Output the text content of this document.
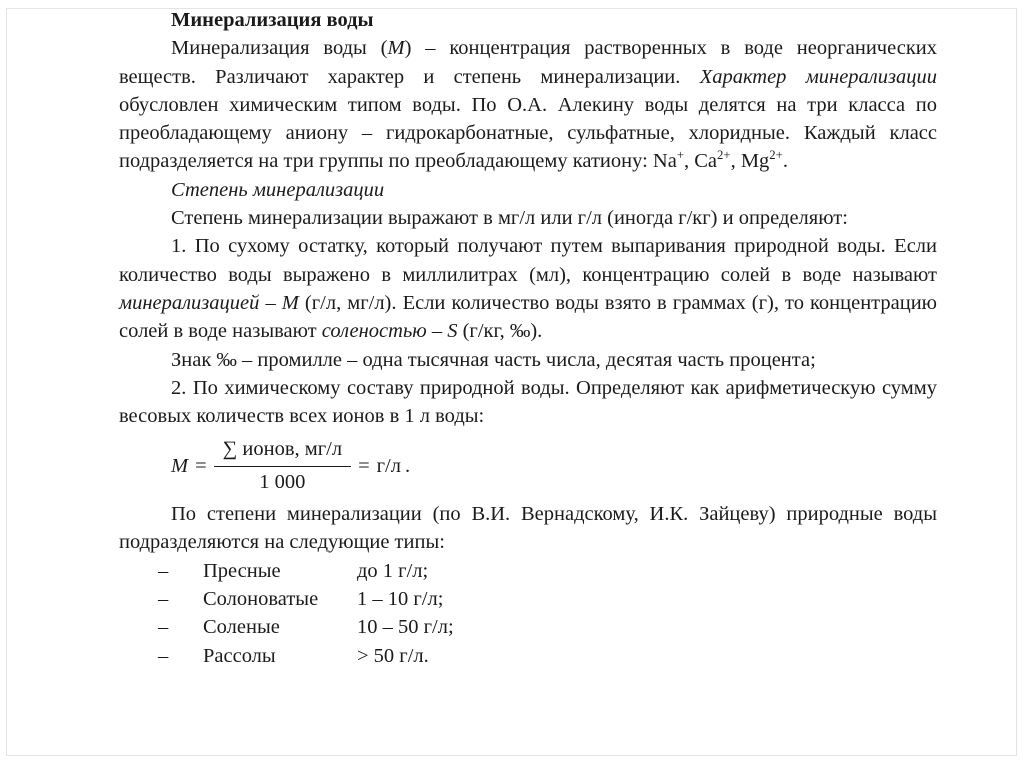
Минерализация воды

Минерализация воды (М) – концентрация растворенных в воде неорганических веществ. Различают характер и степень минерализации. Характер минерализации обусловлен химическим типом воды. По О.А. Алекину воды делятся на три класса по преобладающему аниону – гидрокарбонатные, сульфатные, хлоридные. Каждый класс подразделяется на три группы по преобладающему катиону: Na+, $Ca^{2+}$, $Mg^{2+}$.

Степень минерализации

Степень минерализации выражают в мг/л или г/л (иногда г/кг) и определяют:

1. По сухому остатку, который получают путем выпаривания природной воды. Если количество воды выражено в миллилитрах (мл), концентрацию солей в воде называют минерализацией – М (г/л, мг/л). Если количество воды взято в граммах (г), то концентрацию солей в воде называют соленостью – S (г/кг, ‰).

Знак ‰ – промилле – одна тысячная часть числа, десятая часть процента;

2. По химическому составу природной воды. Определяют как арифметическую сумму весовых количеств всех ионов в 1 л воды:

$M = \frac{\text{∑ ионов, мг/л}}{1 000} = г/л$ .

По степени минерализации (по В.И. Вернадскому, И.К. Зайцеву) природные воды подразделяются на следующие типы:

–	Пресные	до 1 г/л;
–	Солоноватые	1 – 10 г/л;
–	Соленые	10 – 50 г/л;
–	Рассолы	> 50 г/л.
